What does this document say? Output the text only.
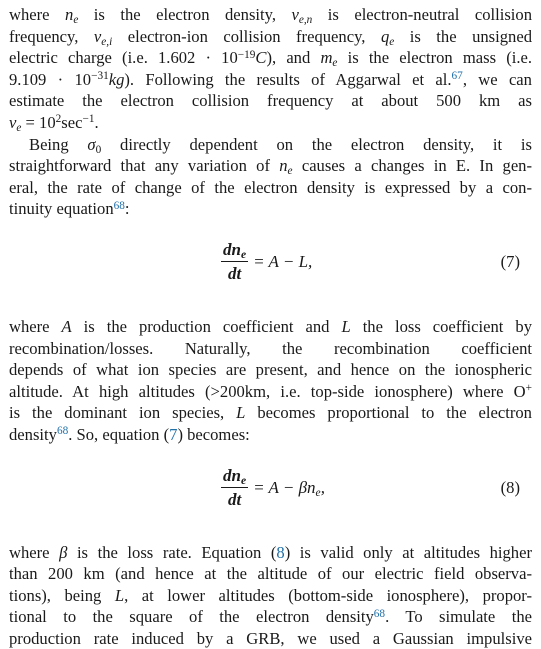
where $n_e$ is the electron density, $\nu_{e,n}$ is electron-neutral collision
frequency, $\nu_{e,i}$ electron-ion collision frequency, $q_e$ is the unsigned
electric charge (i.e. $1.602 \cdot 10^{-19}C$), and $m_e$ is the electron mass (i.e.
$9.109 \cdot 10^{-31}kg$). Following the results of Aggarwal et al.$^{67}$, we can
estimate the electron collision frequency at about 500 km as
$\nu_e = 10^2\sec^{-1}$.

Being $\sigma_0$ directly dependent on the electron density, it is

straightforward that any variation of $n_e$ causes a changes in E. In gen-
eral, the rate of change of the electron density is expressed by a con-
tinuity equation$^{68}$:

$\frac{dn_e}{dt} = A - L$,	(7)

where A is the production coefficient and L the loss coefficient by
recombination/losses. Naturally, the recombination coefficient
depends of what ion species are present, and hence on the ionospheric
altitude. At high altitudes (>200km, i.e. top-side ionosphere) where O+
is the dominant ion species, L becomes proportional to the electron
density$^{68}$. So, equation (7) becomes:

$\frac{dn_e}{dt} = A - \beta n_e$,	(8)

where β is the loss rate. Equation (8) is valid only at altitudes higher
than 200 km (and hence at the altitude of our electric field observa-
tions), being L, at lower altitudes (bottom-side ionosphere), propor-
tional to the square of the electron density$^{68}$. To simulate the
production rate induced by a GRB, we used a Gaussian impulsive
